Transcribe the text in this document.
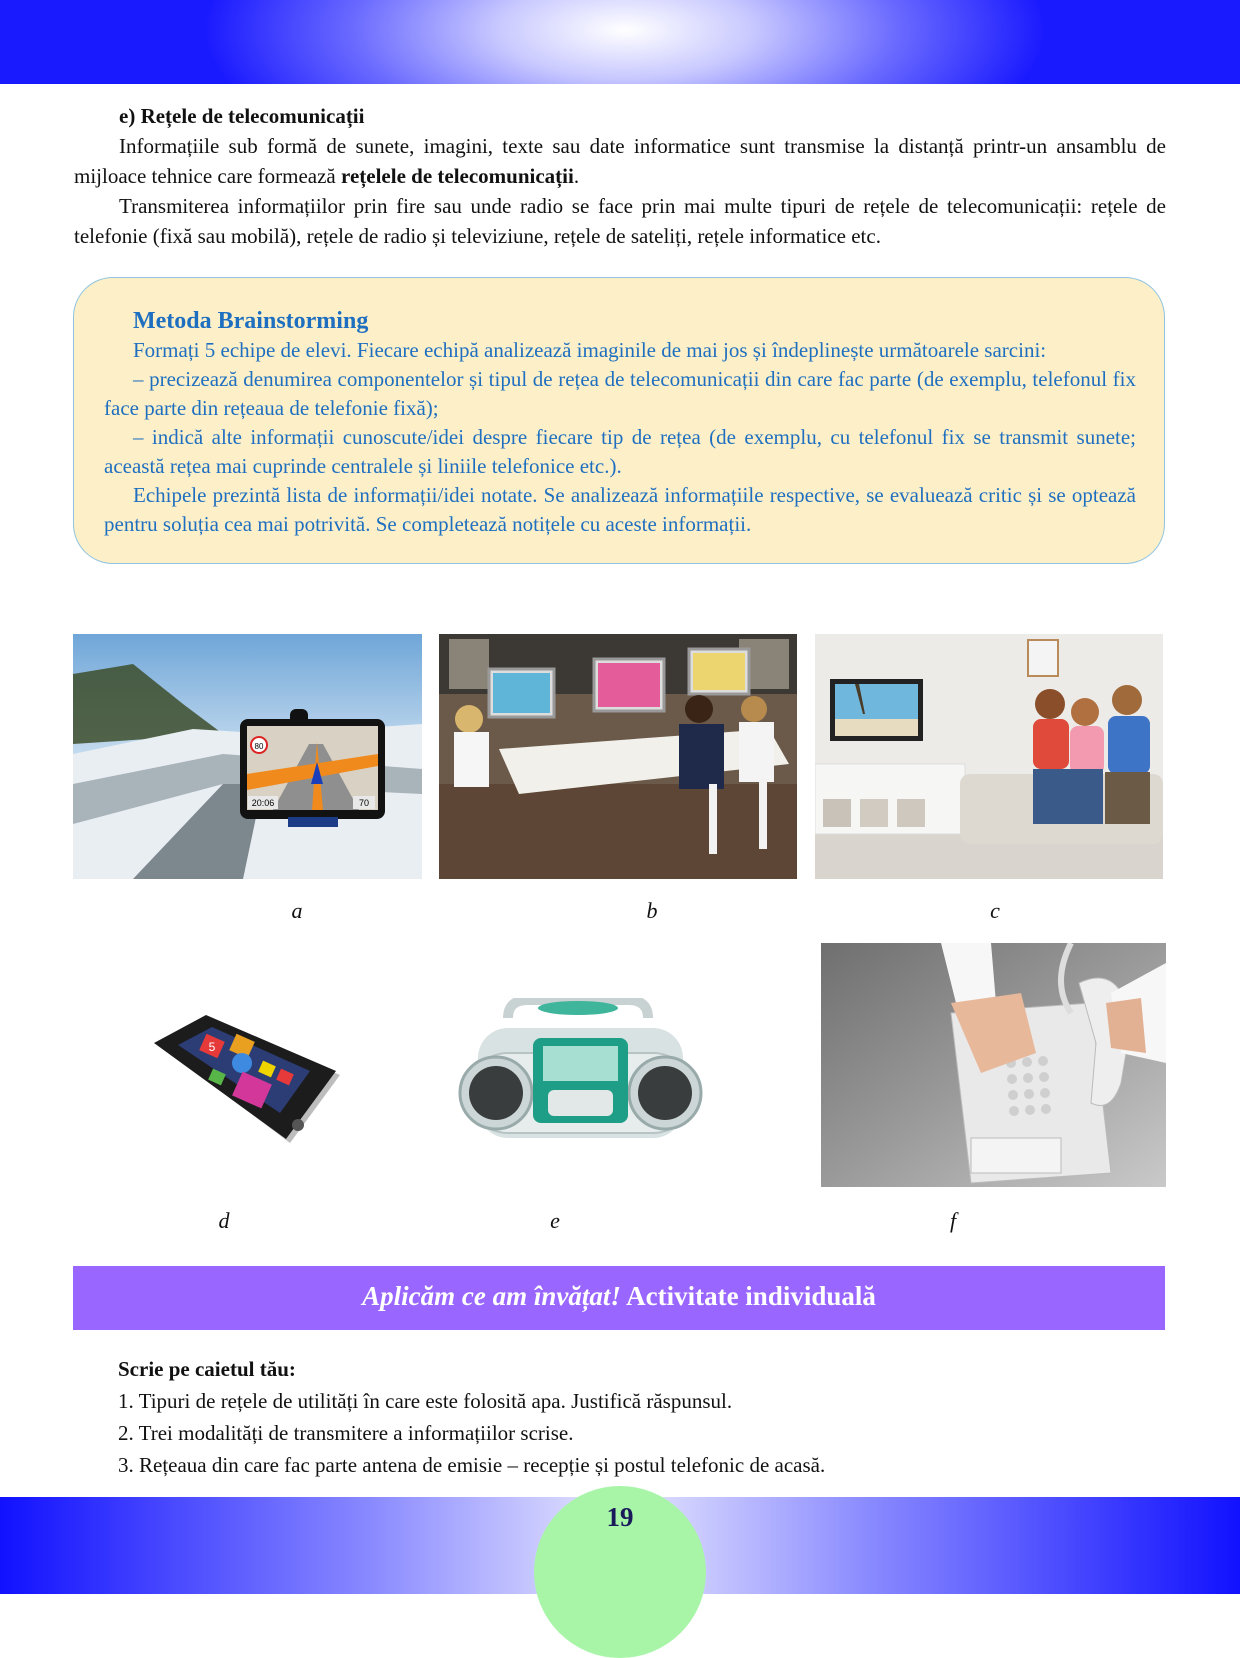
e) Rețele de telecomunicații

Informațiile sub formă de sunete, imagini, texte sau date informatice sunt transmise la distanță printr-un ansamblu de mijloace tehnice care formează rețelele de telecomunicații.

Transmiterea informațiilor prin fire sau unde radio se face prin mai multe tipuri de rețele de telecomunicații: rețele de telefonie (fixă sau mobilă), rețele de radio și televiziune, rețele de sateliți, rețele informatice etc.

Metoda Brainstorming

Formați 5 echipe de elevi. Fiecare echipă analizează imaginile de mai jos și îndeplinește următoarele sarcini:

– precizează denumirea componentelor și tipul de rețea de telecomunicații din care fac parte (de exemplu, telefonul fix face parte din rețeaua de telefonie fixă);

– indică alte informații cunoscute/idei despre fiecare tip de rețea (de exemplu, cu telefonul fix se transmit sunete; această rețea mai cuprinde centralele și liniile telefonice etc.).

Echipele prezintă lista de informații/idei notate. Se analizează informațiile respective, se evaluează critic și se optează pentru soluția cea mai potrivită. Se completează notițele cu aceste informații.

80
20:06	70
a	b	c
5
d	e	f
Aplicăm ce am învățat! Activitate individuală
Scrie pe caietul tău:
1. Tipuri de rețele de utilități în care este folosită apa. Justifică răspunsul.
2. Trei modalități de transmitere a informațiilor scrise.
3. Rețeaua din care fac parte antena de emisie – recepție și postul telefonic de acasă.
19
